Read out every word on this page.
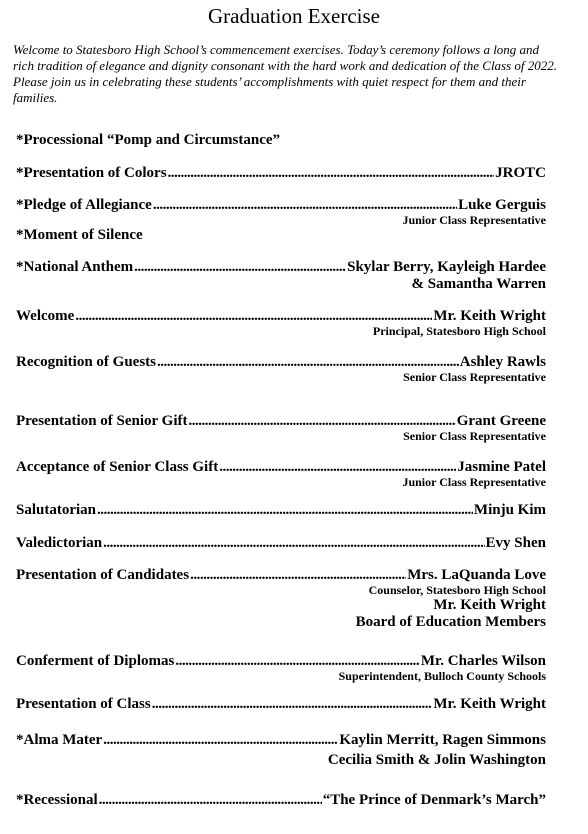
Graduation Exercise
Welcome to Statesboro High School’s commencement exercises. Today’s ceremony follows a long and rich tradition of elegance and dignity consonant with the hard work and dedication of the Class of 2022. Please join us in celebrating these students’ accomplishments with quiet respect for them and their families.
*Processional “Pomp and Circumstance”
*Presentation of Colors .....	JROTC
*Pledge of Allegiance .....	Luke Gerguis
Junior Class Representative
*Moment of Silence
*National Anthem .....	Skylar Berry, Kayleigh Hardee
& Samantha Warren
Welcome .....	Mr. Keith Wright
Principal, Statesboro High School
Recognition of Guests .....	Ashley Rawls
Senior Class Representative
Presentation of Senior Gift .....	Grant Greene
Senior Class Representative
Acceptance of Senior Class Gift .....	Jasmine Patel
Junior Class Representative
Salutatorian .....	Minju Kim
Valedictorian .....	Evy Shen
Presentation of Candidates .....	Mrs. LaQuanda Love
Counselor, Statesboro High School
Mr. Keith Wright
Board of Education Members
Conferment of Diplomas .....	Mr. Charles Wilson
Superintendent, Bulloch County Schools
Presentation of Class .....	Mr. Keith Wright
*Alma Mater .....	Kaylin Merritt, Ragen Simmons
Cecilia Smith & Jolin Washington
*Recessional .....	“The Prince of Denmark’s March”
